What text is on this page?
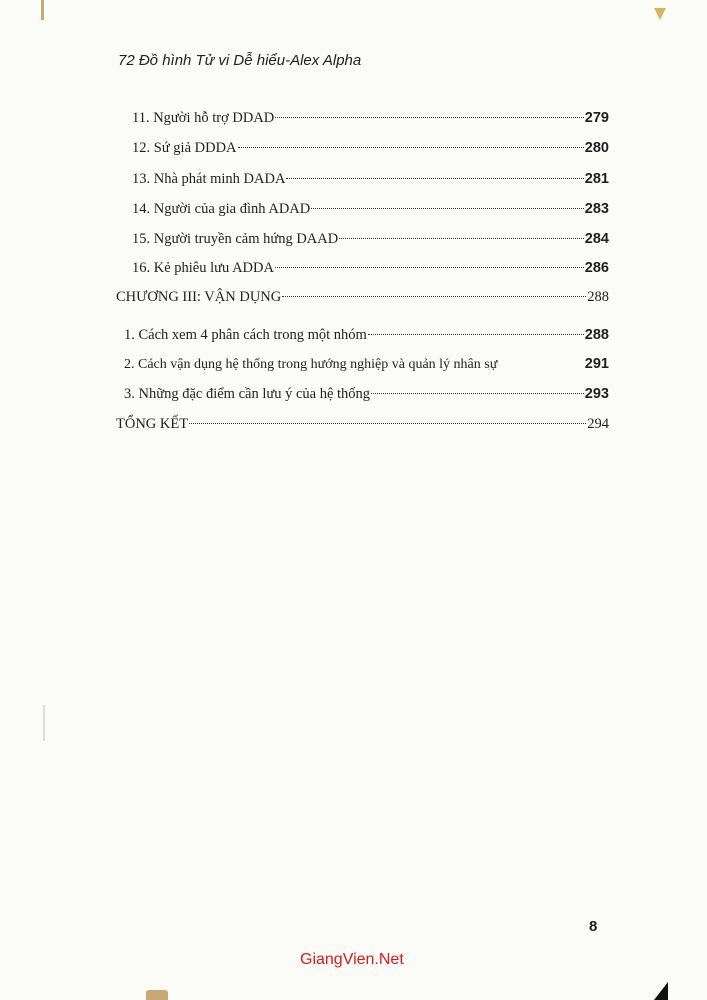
72 Đồ hình Tử vi Dễ hiểu-Alex Alpha
11. Người hỗ trợ DDAD	279
12. Sứ giả DDDA	280
13. Nhà phát minh DADA	281
14. Người của gia đình ADAD	283
15. Người truyền cảm hứng DAAD	284
16. Kẻ phiêu lưu ADDA	286
CHƯƠNG III: VẬN DỤNG	288
1. Cách xem 4 phân cách trong một nhóm	288
2. Cách vận dụng hệ thống trong hướng nghiệp và quản lý nhân sự	291
3. Những đặc điểm cần lưu ý của hệ thống	293
TỔNG KẾT	294
8
GiangVien.Net
